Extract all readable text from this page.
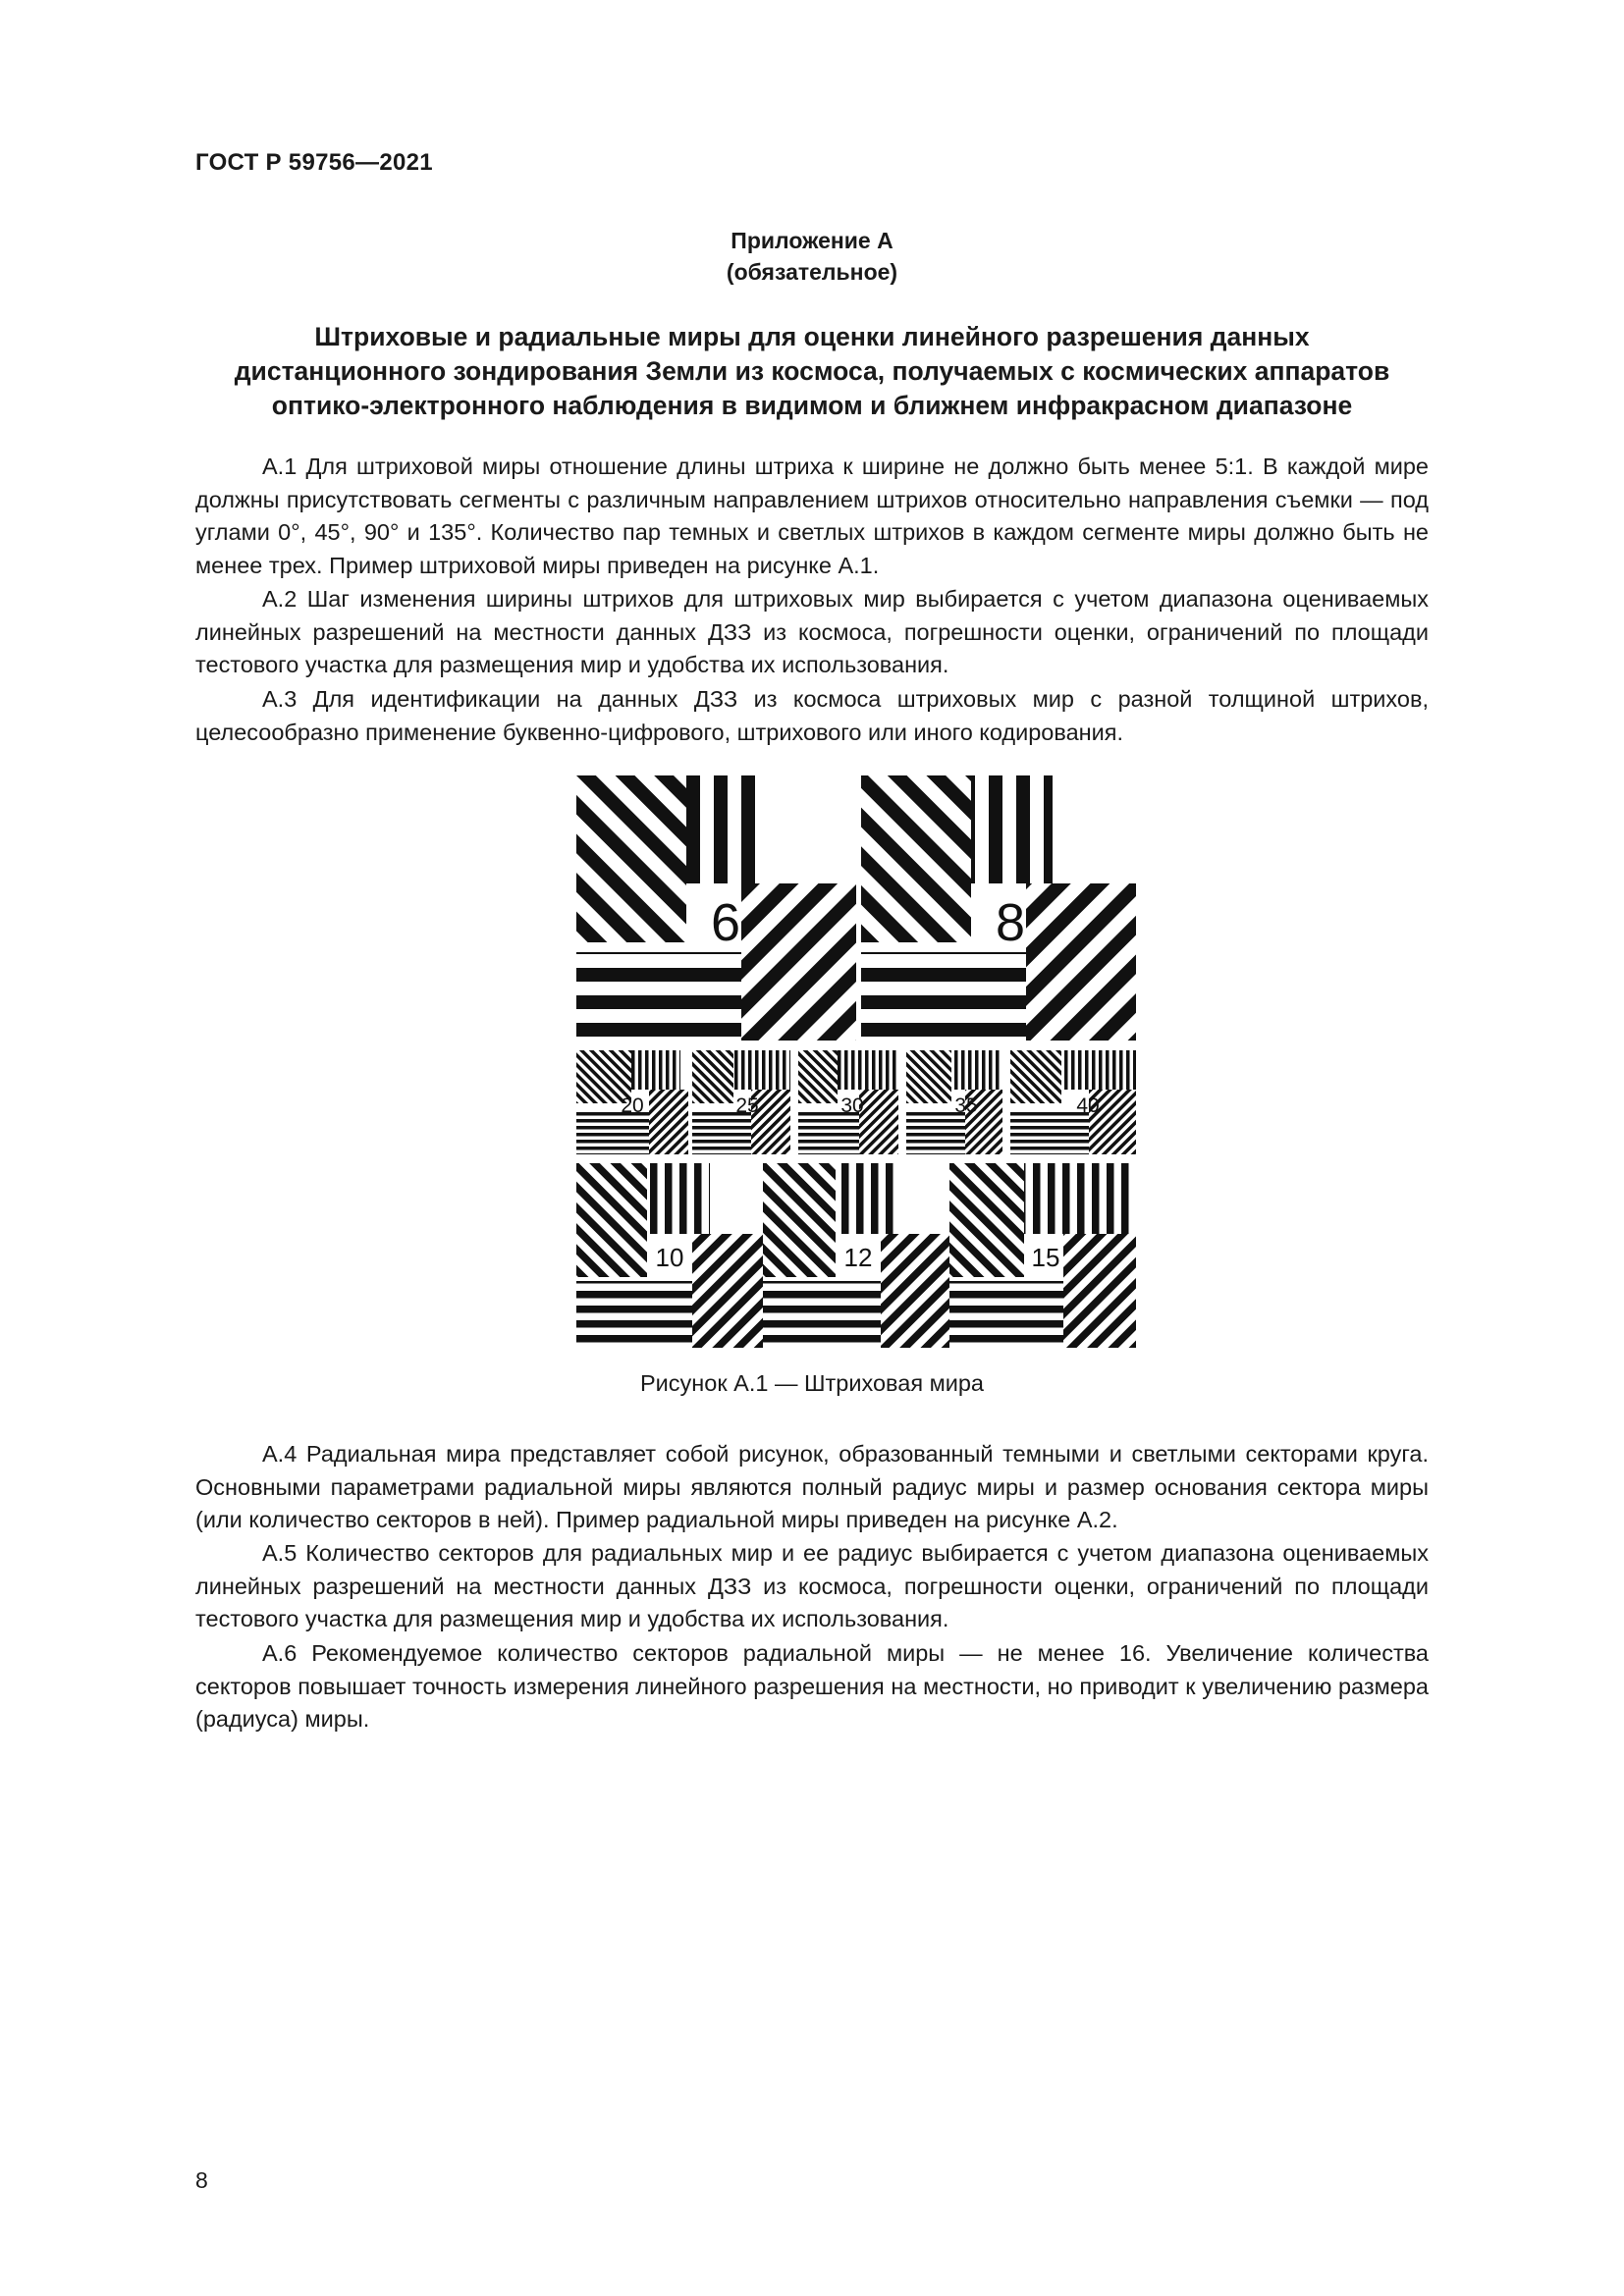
ГОСТ Р 59756—2021
Приложение А
(обязательное)
Штриховые и радиальные миры для оценки линейного разрешения данных
дистанционного зондирования Земли из космоса, получаемых с космических аппаратов
оптико-электронного наблюдения в видимом и ближнем инфракрасном диапазоне

А.1 Для штриховой миры отношение длины штриха к ширине не должно быть менее 5:1. В каждой мире должны присутствовать сегменты с различным направлением штрихов относительно направления съемки — под углами 0°, 45°, 90° и 135°. Количество пар темных и светлых штрихов в каждом сегменте миры должно быть не менее трех. Пример штриховой миры приведен на рисунке А.1.

А.2 Шаг изменения ширины штрихов для штриховых мир выбирается с учетом диапазона оцениваемых линейных разрешений на местности данных ДЗЗ из космоса, погрешности оценки, ограничений по площади тестового участка для размещения мир и удобства их использования.

А.3 Для идентификации на данных ДЗЗ из космоса штриховых мир с разной толщиной штрихов, целесообразно применение буквенно-цифрового, штрихового или иного кодирования.

6	8
20	25	30	35	40
10	12	15
Рисунок А.1 — Штриховая мира

А.4 Радиальная мира представляет собой рисунок, образованный темными и светлыми секторами круга. Основными параметрами радиальной миры являются полный радиус миры и размер основания сектора миры (или количество секторов в ней). Пример радиальной миры приведен на рисунке А.2.

А.5 Количество секторов для радиальных мир и ее радиус выбирается с учетом диапазона оцениваемых линейных разрешений на местности данных ДЗЗ из космоса, погрешности оценки, ограничений по площади тестового участка для размещения мир и удобства их использования.

А.6 Рекомендуемое количество секторов радиальной миры — не менее 16. Увеличение количества секторов повышает точность измерения линейного разрешения на местности, но приводит к увеличению размера (радиуса) миры.

8
